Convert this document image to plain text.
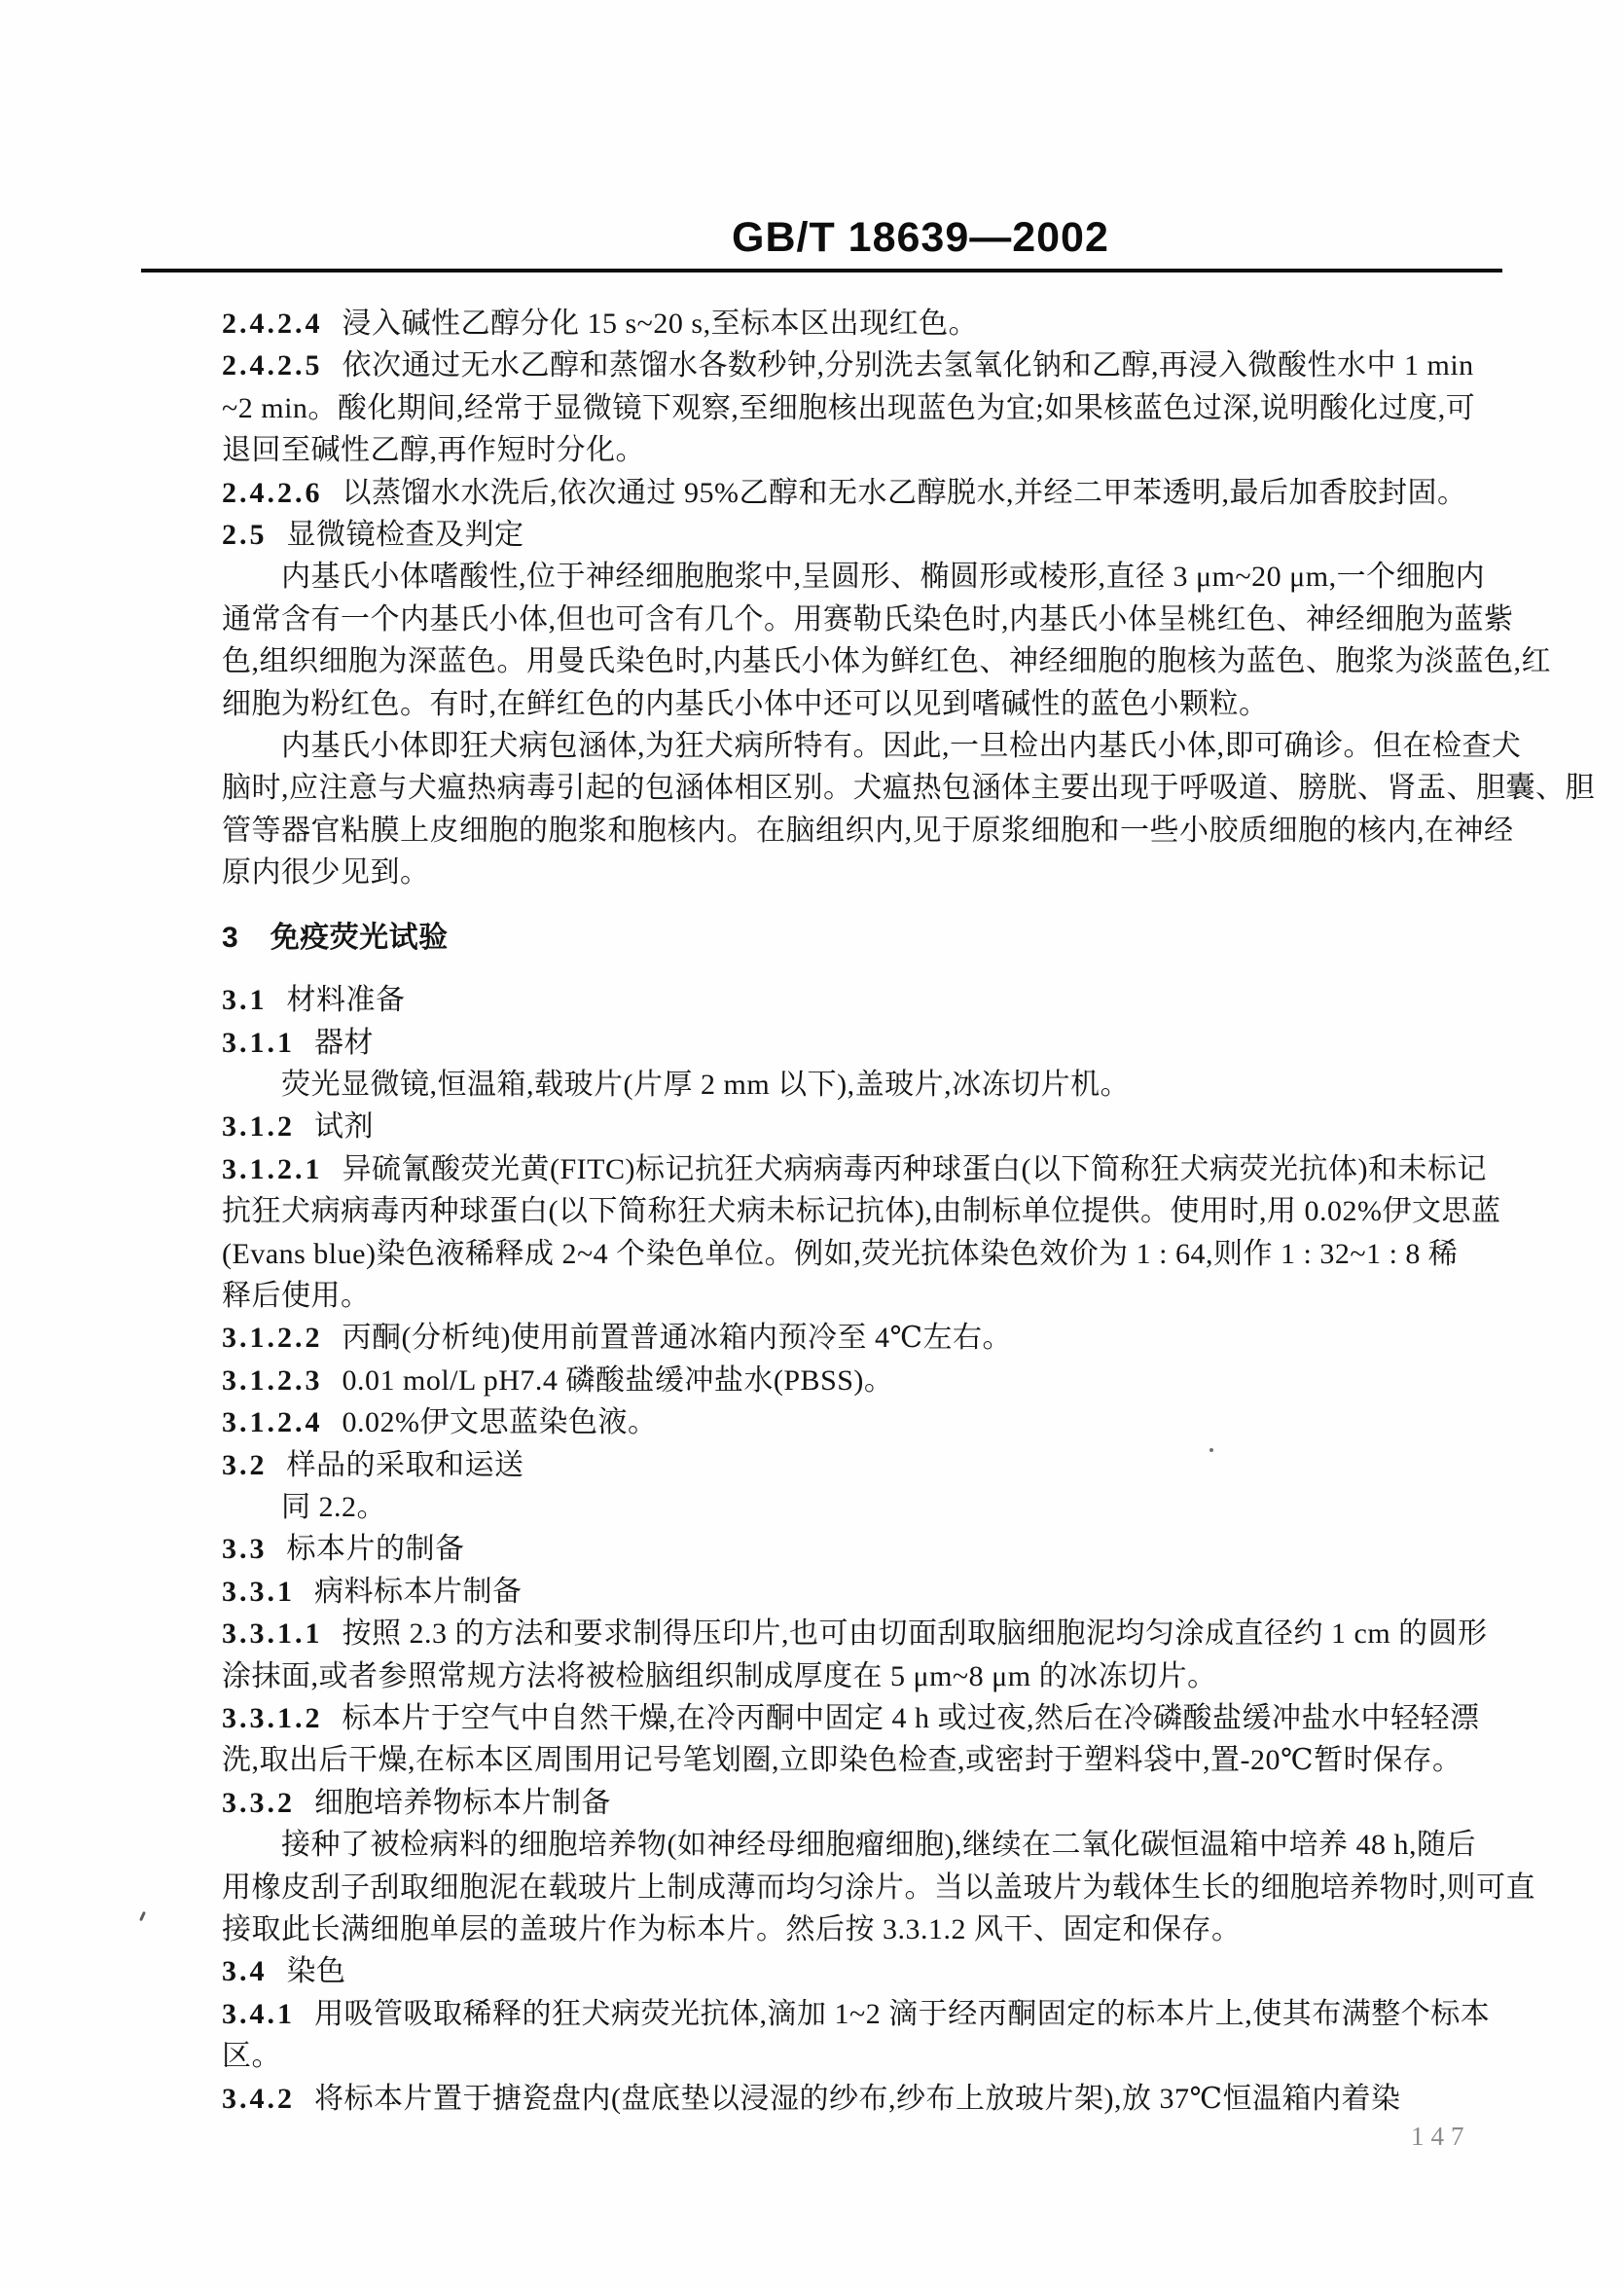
GB/T 18639—2002
2.4.2.4 浸入碱性乙醇分化 15 s~20 s,至标本区出现红色。
2.4.2.5 依次通过无水乙醇和蒸馏水各数秒钟,分别洗去氢氧化钠和乙醇,再浸入微酸性水中 1 min
~2 min。酸化期间,经常于显微镜下观察,至细胞核出现蓝色为宜;如果核蓝色过深,说明酸化过度,可
退回至碱性乙醇,再作短时分化。
2.4.2.6 以蒸馏水水洗后,依次通过 95%乙醇和无水乙醇脱水,并经二甲苯透明,最后加香胶封固。
2.5 显微镜检查及判定
内基氏小体嗜酸性,位于神经细胞胞浆中,呈圆形、椭圆形或棱形,直径 3 μm~20 μm,一个细胞内
通常含有一个内基氏小体,但也可含有几个。用赛勒氏染色时,内基氏小体呈桃红色、神经细胞为蓝紫
色,组织细胞为深蓝色。用曼氏染色时,内基氏小体为鲜红色、神经细胞的胞核为蓝色、胞浆为淡蓝色,红
细胞为粉红色。有时,在鲜红色的内基氏小体中还可以见到嗜碱性的蓝色小颗粒。
内基氏小体即狂犬病包涵体,为狂犬病所特有。因此,一旦检出内基氏小体,即可确诊。但在检查犬
脑时,应注意与犬瘟热病毒引起的包涵体相区别。犬瘟热包涵体主要出现于呼吸道、膀胱、肾盂、胆囊、胆
管等器官粘膜上皮细胞的胞浆和胞核内。在脑组织内,见于原浆细胞和一些小胶质细胞的核内,在神经
原内很少见到。
3 免疫荧光试验
3.1 材料准备
3.1.1 器材
荧光显微镜,恒温箱,载玻片(片厚 2 mm 以下),盖玻片,冰冻切片机。
3.1.2 试剂
3.1.2.1 异硫氰酸荧光黄(FITC)标记抗狂犬病病毒丙种球蛋白(以下简称狂犬病荧光抗体)和未标记
抗狂犬病病毒丙种球蛋白(以下简称狂犬病未标记抗体),由制标单位提供。使用时,用 0.02%伊文思蓝
(Evans blue)染色液稀释成 2~4 个染色单位。例如,荧光抗体染色效价为 1 : 64,则作 1 : 32~1 : 8 稀
释后使用。
3.1.2.2 丙酮(分析纯)使用前置普通冰箱内预冷至 4℃左右。
3.1.2.3 0.01 mol/L pH7.4 磷酸盐缓冲盐水(PBSS)。
3.1.2.4 0.02%伊文思蓝染色液。
3.2 样品的采取和运送
同 2.2。
3.3 标本片的制备
3.3.1 病料标本片制备
3.3.1.1 按照 2.3 的方法和要求制得压印片,也可由切面刮取脑细胞泥均匀涂成直径约 1 cm 的圆形
涂抹面,或者参照常规方法将被检脑组织制成厚度在 5 μm~8 μm 的冰冻切片。
3.3.1.2 标本片于空气中自然干燥,在冷丙酮中固定 4 h 或过夜,然后在冷磷酸盐缓冲盐水中轻轻漂
洗,取出后干燥,在标本区周围用记号笔划圈,立即染色检查,或密封于塑料袋中,置-20℃暂时保存。
3.3.2 细胞培养物标本片制备
接种了被检病料的细胞培养物(如神经母细胞瘤细胞),继续在二氧化碳恒温箱中培养 48 h,随后
用橡皮刮子刮取细胞泥在载玻片上制成薄而均匀涂片。当以盖玻片为载体生长的细胞培养物时,则可直
接取此长满细胞单层的盖玻片作为标本片。然后按 3.3.1.2 风干、固定和保存。
3.4 染色
3.4.1 用吸管吸取稀释的狂犬病荧光抗体,滴加 1~2 滴于经丙酮固定的标本片上,使其布满整个标本
区。
3.4.2 将标本片置于搪瓷盘内(盘底垫以浸湿的纱布,纱布上放玻片架),放 37℃恒温箱内着染
147
